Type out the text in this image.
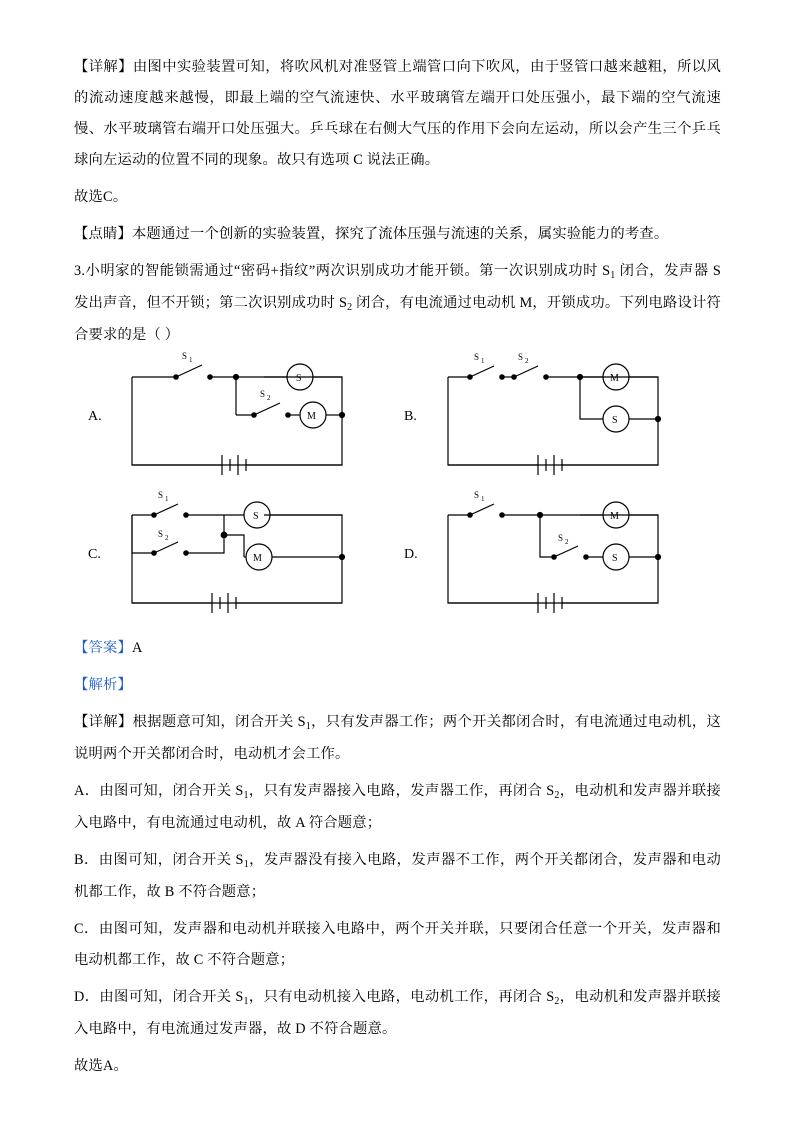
【详解】由图中实验装置可知，将吹风机对准竖管上端管口向下吹风，由于竖管口越来越粗，所以风的流动速度越来越慢，即最上端的空气流速快、水平玻璃管左端开口处压强小，最下端的空气流速慢、水平玻璃管右端开口处压强大。乒乓球在右侧大气压的作用下会向左运动，所以会产生三个乒乓球向左运动的位置不同的现象。故只有选项 C 说法正确。

故选C。

【点睛】本题通过一个创新的实验装置，探究了流体压强与流速的关系，属实验能力的考查。

3.小明家的智能锁需通过“密码+指纹”两次识别成功才能开锁。第一次识别成功时 $S_1$ 闭合，发声器 S 发出声音，但不开锁；第二次识别成功时 $S_2$ 闭合，有电流通过电动机 M，开锁成功。下列电路设计符合要求的是（ ）

A.
S 1
S 2
S
M	B.
S 1	S 2
M
S
C.
S 1
S 2
S
M	D.
S 1
S 2
M
S

【答案】A

【解析】

【详解】根据题意可知，闭合开关 $S_1$，只有发声器工作；两个开关都闭合时，有电流通过电动机，这说明两个开关都闭合时，电动机才会工作。

A．由图可知，闭合开关 $S_1$，只有发声器接入电路，发声器工作，再闭合 $S_2$，电动机和发声器并联接入电路中，有电流通过电动机，故 A 符合题意；

B．由图可知，闭合开关 $S_1$，发声器没有接入电路，发声器不工作，两个开关都闭合，发声器和电动机都工作，故 B 不符合题意；

C．由图可知，发声器和电动机并联接入电路中，两个开关并联，只要闭合任意一个开关，发声器和电动机都工作，故 C 不符合题意；

D．由图可知，闭合开关 $S_1$，只有电动机接入电路，电动机工作，再闭合 $S_2$，电动机和发声器并联接入电路中，有电流通过发声器，故 D 不符合题意。

故选A。
